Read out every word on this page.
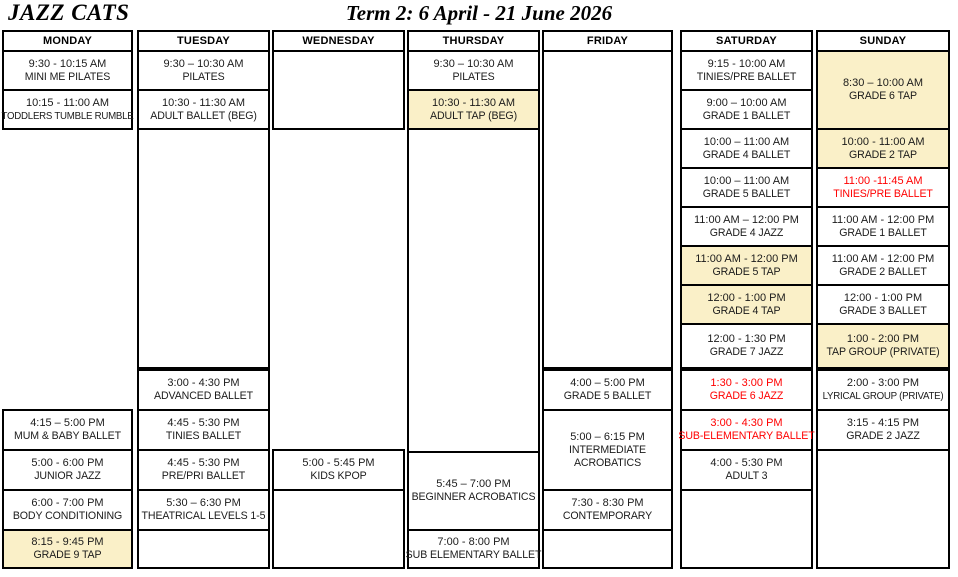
JAZZ CATS	Term 2: 6 April - 21 June 2026
MONDAY
9:30 - 10:15 AM
MINI ME PILATES
10:15 - 11:00 AM
TODDLERS TUMBLE RUMBLE
4:15 – 5:00 PM
MUM & BABY BALLET
5:00 - 6:00 PM
JUNIOR JAZZ
6:00 - 7:00 PM
BODY CONDITIONING
8:15 - 9:45 PM
GRADE 9 TAP
TUESDAY
9:30 – 10:30 AM
PILATES
10:30 - 11:30 AM
ADULT BALLET (BEG)
3:00 - 4:30 PM
ADVANCED BALLET
4:45 - 5:30 PM
TINIES BALLET
4:45 - 5:30 PM
PRE/PRI BALLET
5:30 – 6:30 PM
THEATRICAL LEVELS 1-5
WEDNESDAY
5:00 - 5:45 PM
KIDS KPOP
THURSDAY
9:30 – 10:30 AM
PILATES
10:30 - 11:30 AM
ADULT TAP (BEG)
5:45 – 7:00 PM
BEGINNER ACROBATICS
7:00 - 8:00 PM
SUB ELEMENTARY BALLET
FRIDAY
4:00 – 5:00 PM
GRADE 5 BALLET
5:00 – 6:15 PM
INTERMEDIATE
ACROBATICS
7:30 - 8:30 PM
CONTEMPORARY
SATURDAY
9:15 - 10:00 AM
TINIES/PRE BALLET
9:00 – 10:00 AM
GRADE 1 BALLET
10:00 – 11:00 AM
GRADE 4 BALLET
10:00 – 11:00 AM
GRADE 5 BALLET
11:00 AM – 12:00 PM
GRADE 4 JAZZ
11:00 AM - 12:00 PM
GRADE 5 TAP
12:00 - 1:00 PM
GRADE 4 TAP
12:00 - 1:30 PM
GRADE 7 JAZZ
1:30 - 3:00 PM
GRADE 6 JAZZ
3:00 - 4:30 PM
SUB-ELEMENTARY BALLET
4:00 - 5:30 PM
ADULT 3
SUNDAY
8:30 – 10:00 AM
GRADE 6 TAP
10:00 - 11:00 AM
GRADE 2 TAP
11:00 -11:45 AM
TINIES/PRE BALLET
11:00 AM - 12:00 PM
GRADE 1 BALLET
11:00 AM - 12:00 PM
GRADE 2 BALLET
12:00 - 1:00 PM
GRADE 3 BALLET
1:00 - 2:00 PM
TAP GROUP (PRIVATE)
2:00 - 3:00 PM
LYRICAL GROUP (PRIVATE)
3:15 - 4:15 PM
GRADE 2 JAZZ
